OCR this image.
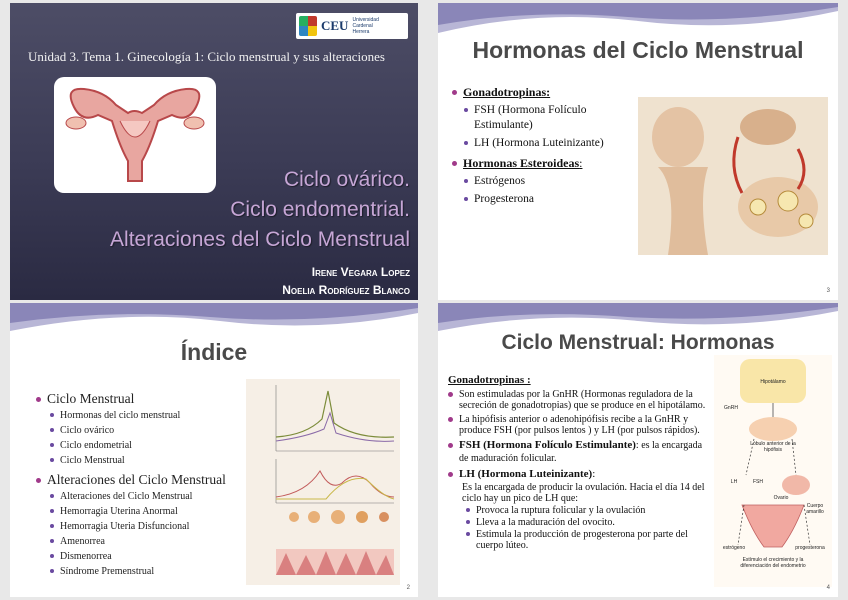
CEU Universidad Cardenal Herrera
Unidad 3. Tema 1. Ginecología 1: Ciclo menstrual y sus alteraciones
Ciclo ovárico.
Ciclo endomentrial.
Alteraciones del Ciclo Menstrual
Irene Vegara Lopez
Noelia Rodríguez Blanco
Hormonas del Ciclo Menstrual
Gonadotropinas:
FSH (Hormona Folículo Estimulante)
LH (Hormona Luteinizante)
Hormonas Esteroideas:
Estrógenos
Progesterona
3
Índice
Ciclo Menstrual
Hormonas del ciclo menstrual
Ciclo ovárico
Ciclo endometrial
Ciclo Menstrual
Alteraciones del Ciclo Menstrual
Alteraciones del Ciclo Menstrual
Hemorragia Uterina Anormal
Hemorragia Uteria Disfuncional
Amenorrea
Dismenorrea
Síndrome Premenstrual
2
Ciclo Menstrual: Hormonas
Gonadotropinas :
Son estimuladas por la GnHR (Hormonas reguladora de la secreción de gonadotropias) que se produce en el hipotálamo.
La hipófisis anterior o adenohipófisis recibe a la GnHR y produce FSH (por pulsos lentos ) y LH (por pulsos rápidos).
FSH (Hormona Folículo Estimulante): es la encargada de maduración folicular.
LH (Hormona Luteinizante):
Es la encargada de producir la ovulación. Hacia el día 14 del ciclo hay un pico de LH que:
Provoca la ruptura folicular y la ovulación
Lleva a la maduración del ovocito.
Estimula la producción de progesterona por parte del cuerpo lúteo.
Hipotálamo
GnRH
Lóbulo anterior de la hipófisis
LH	FSH
Ovario
Cuerpo amarillo
estrógeno	progesterona
Estímulo el crecimiento y la diferenciación del endometrio
4
